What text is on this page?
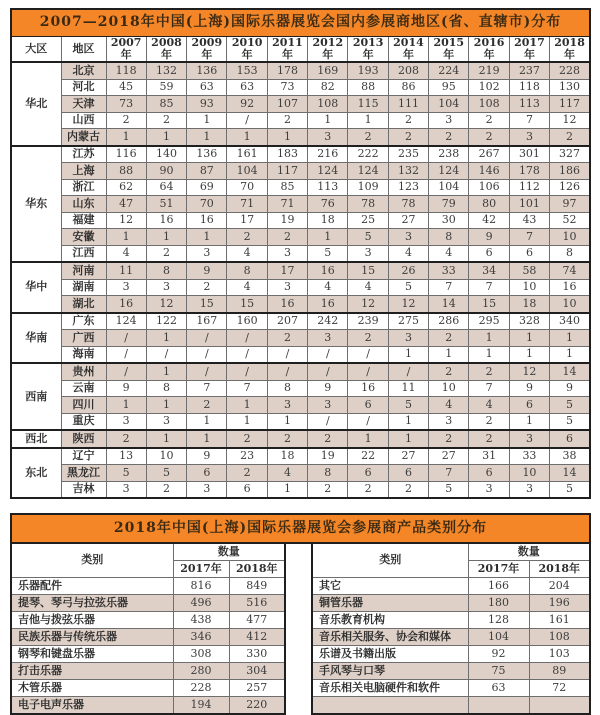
2007—2018年中国(上海)国际乐器展览会国内参展商地区(省、直辖市)分布													
大区	地区	2007年	2008年	2009年	2010年	2011年	2012年	2013年	2014年	2015年	2016年	2017年	2018年
华北	北京	118	132	136	153	178	169	193	208	224	219	237	228
	河北	45	59	63	63	73	82	88	86	95	102	118	130
	天津	73	85	93	92	107	108	115	111	104	108	113	117
	山西	2	2	1	/	2	1	1	2	3	2	7	12
	内蒙古	1	1	1	1	1	3	2	2	2	2	3	2
华东	江苏	116	140	136	161	183	216	222	235	238	267	301	327
	上海	88	90	87	104	117	124	124	132	124	146	178	186
	浙江	62	64	69	70	85	113	109	123	104	106	112	126
	山东	47	51	70	71	71	76	78	78	79	80	101	97
	福建	12	16	16	17	19	18	25	27	30	42	43	52
	安徽	1	1	1	2	2	1	5	3	8	9	7	10
	江西	4	2	3	4	3	5	3	4	4	6	6	8
华中	河南	11	8	9	8	17	16	15	26	33	34	58	74
	湖南	3	3	2	4	3	4	4	5	7	7	10	16
	湖北	16	12	15	15	16	16	12	12	14	15	18	10
华南	广东	124	122	167	160	207	242	239	275	286	295	328	340
	广西	/	1	/	/	2	3	2	3	2	1	1	1
	海南	/	/	/	/	/	/	/	1	1	1	1	1
西南	贵州	/	1	/	/	/	/	/	/	2	2	12	14
	云南	9	8	7	7	8	9	16	11	10	7	9	9
	四川	1	1	2	1	3	3	6	5	4	4	6	5
	重庆	3	3	1	1	1	/	/	1	3	2	1	5
西北	陕西	2	1	1	2	2	2	1	1	2	2	3	6
东北	辽宁	13	10	9	23	18	19	22	27	27	31	33	38
	黑龙江	5	5	6	2	4	8	6	6	7	6	10	14
	吉林	3	2	3	6	1	2	2	2	5	3	3	5
2018年中国(上海)国际乐器展览会参展商产品类别分布
类别	数量	
	2017年	2018年
乐器配件	816	849
提琴、琴弓与拉弦乐器	496	516
吉他与拨弦乐器	438	477
民族乐器与传统乐器	346	412
钢琴和键盘乐器	308	330
打击乐器	280	304
木管乐器	228	257
电子电声乐器	194	220
类别	数量	
	2017年	2018年
其它	166	204
铜管乐器	180	196
音乐教育机构	128	161
音乐相关服务、协会和媒体	104	108
乐谱及书籍出版	92	103
手风琴与口琴	75	89
音乐相关电脑硬件和软件	63	72
